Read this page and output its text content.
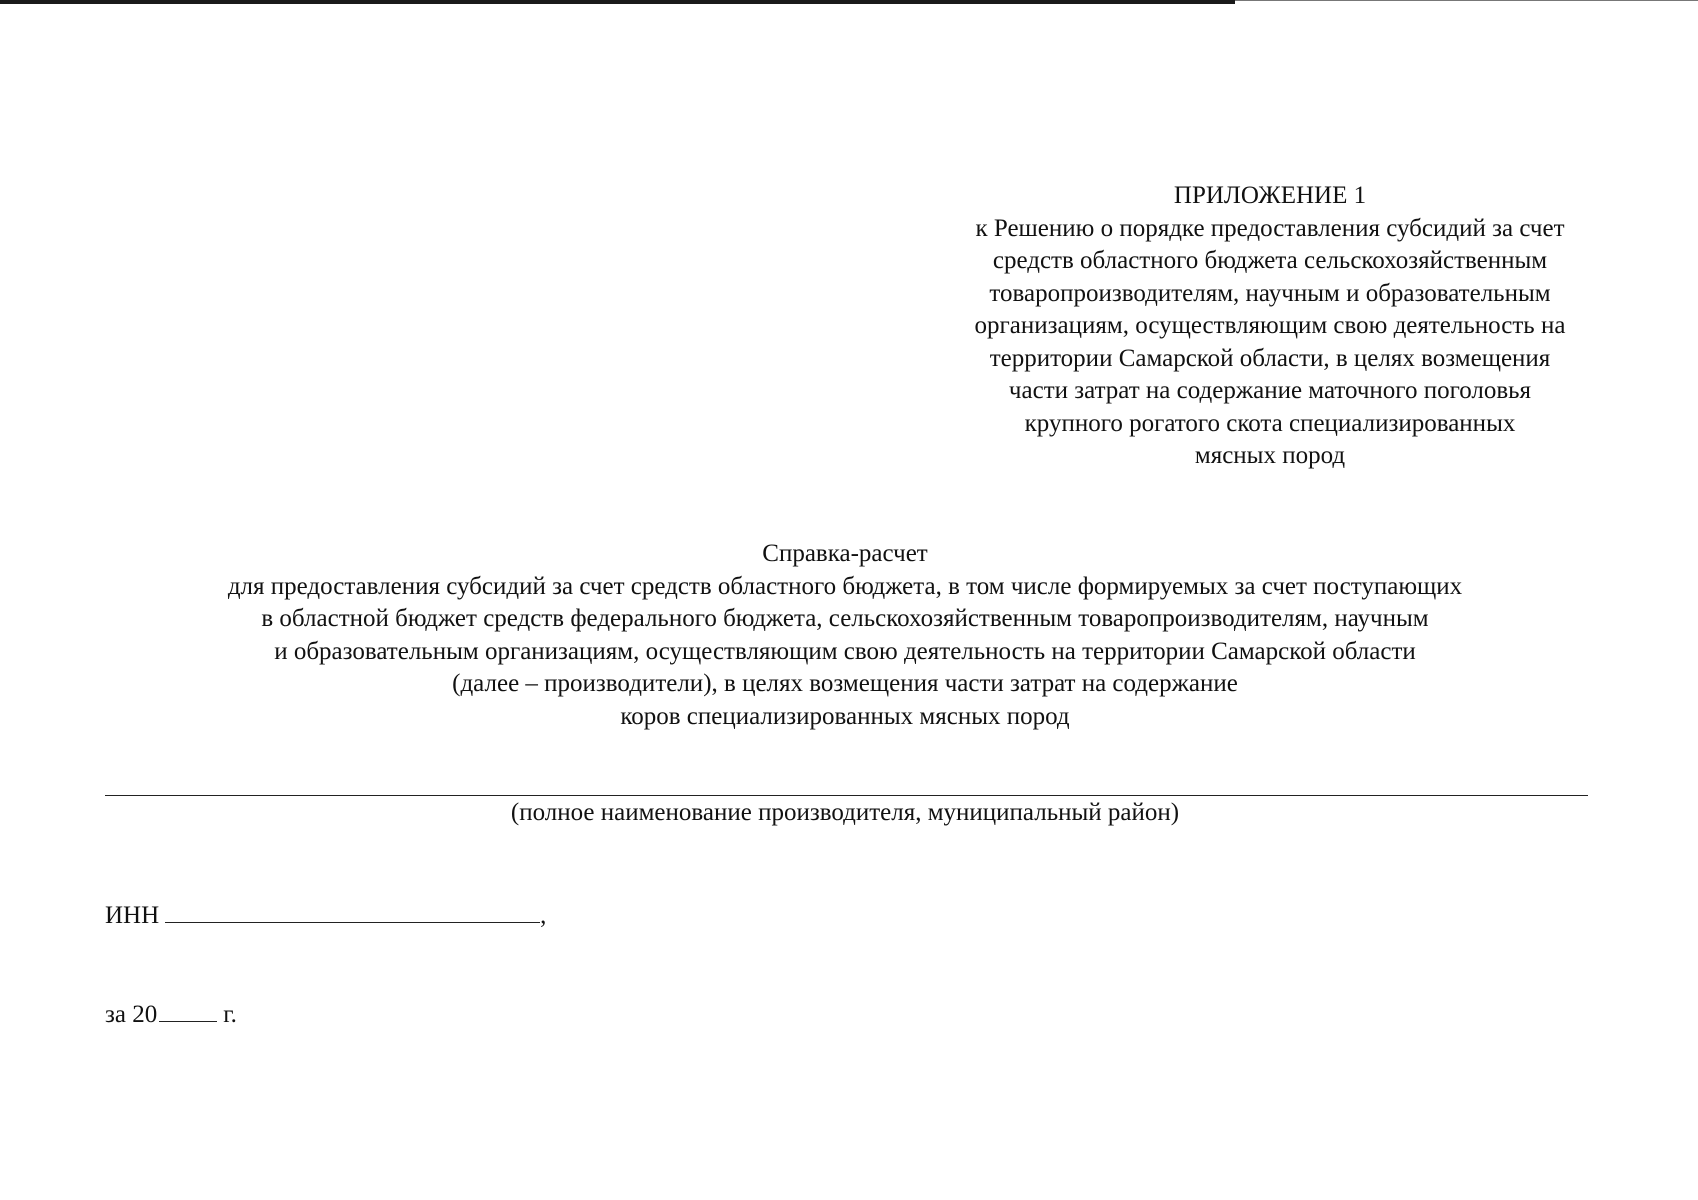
ПРИЛОЖЕНИЕ 1
к Решению о порядке предоставления субсидий за счет
средств областного бюджета сельскохозяйственным
товаропроизводителям, научным и образовательным
организациям, осуществляющим свою деятельность на
территории Самарской области, в целях возмещения
части затрат на содержание маточного поголовья
крупного рогатого скота специализированных
мясных пород
Справка-расчет
для предоставления субсидий за счет средств областного бюджета, в том числе формируемых за счет поступающих
в областной бюджет средств федерального бюджета, сельскохозяйственным товаропроизводителям, научным
и образовательным организациям, осуществляющим свою деятельность на территории Самарской области
(далее – производители), в целях возмещения части затрат на содержание
коров специализированных мясных пород
(полное наименование производителя, муниципальный район)
ИНН	,
за 20	г.
